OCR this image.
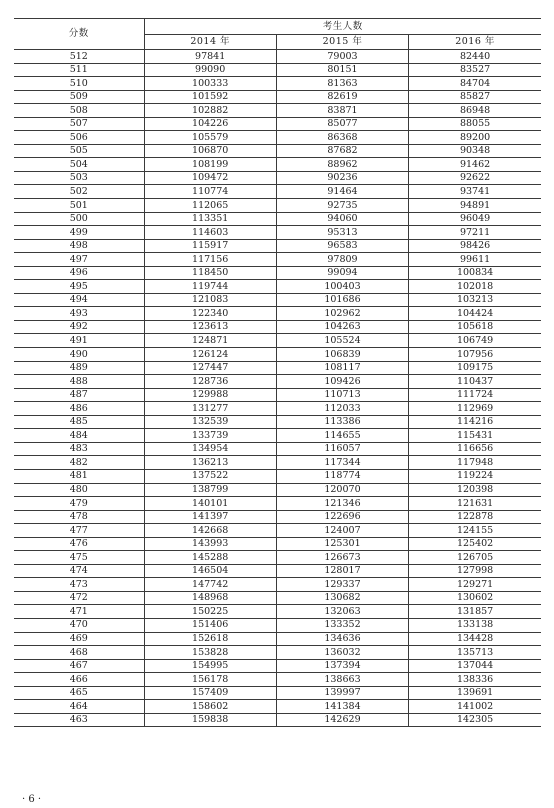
分数	考生人数		
	2014 年	2015 年	2016 年
512	97841	79003	82440
511	99090	80151	83527
510	100333	81363	84704
509	101592	82619	85827
508	102882	83871	86948
507	104226	85077	88055
506	105579	86368	89200
505	106870	87682	90348
504	108199	88962	91462
503	109472	90236	92622
502	110774	91464	93741
501	112065	92735	94891
500	113351	94060	96049
499	114603	95313	97211
498	115917	96583	98426
497	117156	97809	99611
496	118450	99094	100834
495	119744	100403	102018
494	121083	101686	103213
493	122340	102962	104424
492	123613	104263	105618
491	124871	105524	106749
490	126124	106839	107956
489	127447	108117	109175
488	128736	109426	110437
487	129988	110713	111724
486	131277	112033	112969
485	132539	113386	114216
484	133739	114655	115431
483	134954	116057	116656
482	136213	117344	117948
481	137522	118774	119224
480	138799	120070	120398
479	140101	121346	121631
478	141397	122696	122878
477	142668	124007	124155
476	143993	125301	125402
475	145288	126673	126705
474	146504	128017	127998
473	147742	129337	129271
472	148968	130682	130602
471	150225	132063	131857
470	151406	133352	133138
469	152618	134636	134428
468	153828	136032	135713
467	154995	137394	137044
466	156178	138663	138336
465	157409	139997	139691
464	158602	141384	141002
463	159838	142629	142305
· 6 ·
